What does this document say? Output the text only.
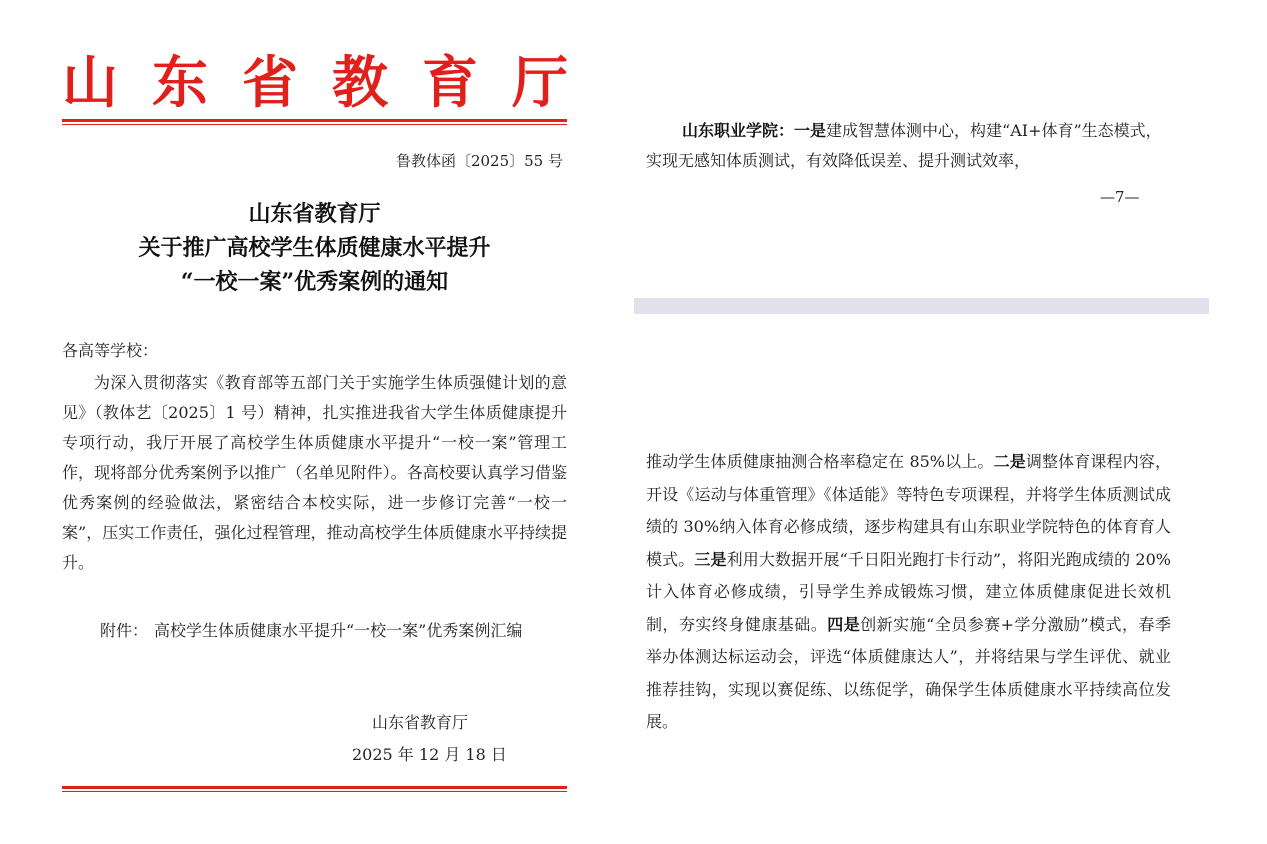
山 东 省 教 育 厅
鲁教体函〔2025〕55 号
山东省教育厅
关于推广高校学生体质健康水平提升
“一校一案”优秀案例的通知
各高等学校：
为深入贯彻落实《教育部等五部门关于实施学生体质强健计划的意见》（教体艺〔2025〕1 号）精神，扎实推进我省大学生体质健康提升专项行动，我厅开展了高校学生体质健康水平提升“一校一案”管理工作，现将部分优秀案例予以推广（名单见附件）。各高校要认真学习借鉴优秀案例的经验做法，紧密结合本校实际，进一步修订完善“一校一案”，压实工作责任，强化过程管理，推动高校学生体质健康水平持续提升。
附件： 高校学生体质健康水平提升“一校一案”优秀案例汇编
山东省教育厅
2025 年 12 月 18 日
山东职业学院：一是建成智慧体测中心，构建“AI+体育”生态模式，实现无感知体质测试，有效降低误差、提升测试效率，
—7—
推动学生体质健康抽测合格率稳定在 85%以上。二是调整体育课程内容，开设《运动与体重管理》《体适能》等特色专项课程，并将学生体质测试成绩的 30%纳入体育必修成绩，逐步构建具有山东职业学院特色的体育育人模式。三是利用大数据开展“千日阳光跑打卡行动”，将阳光跑成绩的 20%计入体育必修成绩，引导学生养成锻炼习惯，建立体质健康促进长效机制，夯实终身健康基础。四是创新实施“全员参赛+学分激励”模式，春季举办体测达标运动会，评选“体质健康达人”，并将结果与学生评优、就业推荐挂钩，实现以赛促练、以练促学，确保学生体质健康水平持续高位发展。
